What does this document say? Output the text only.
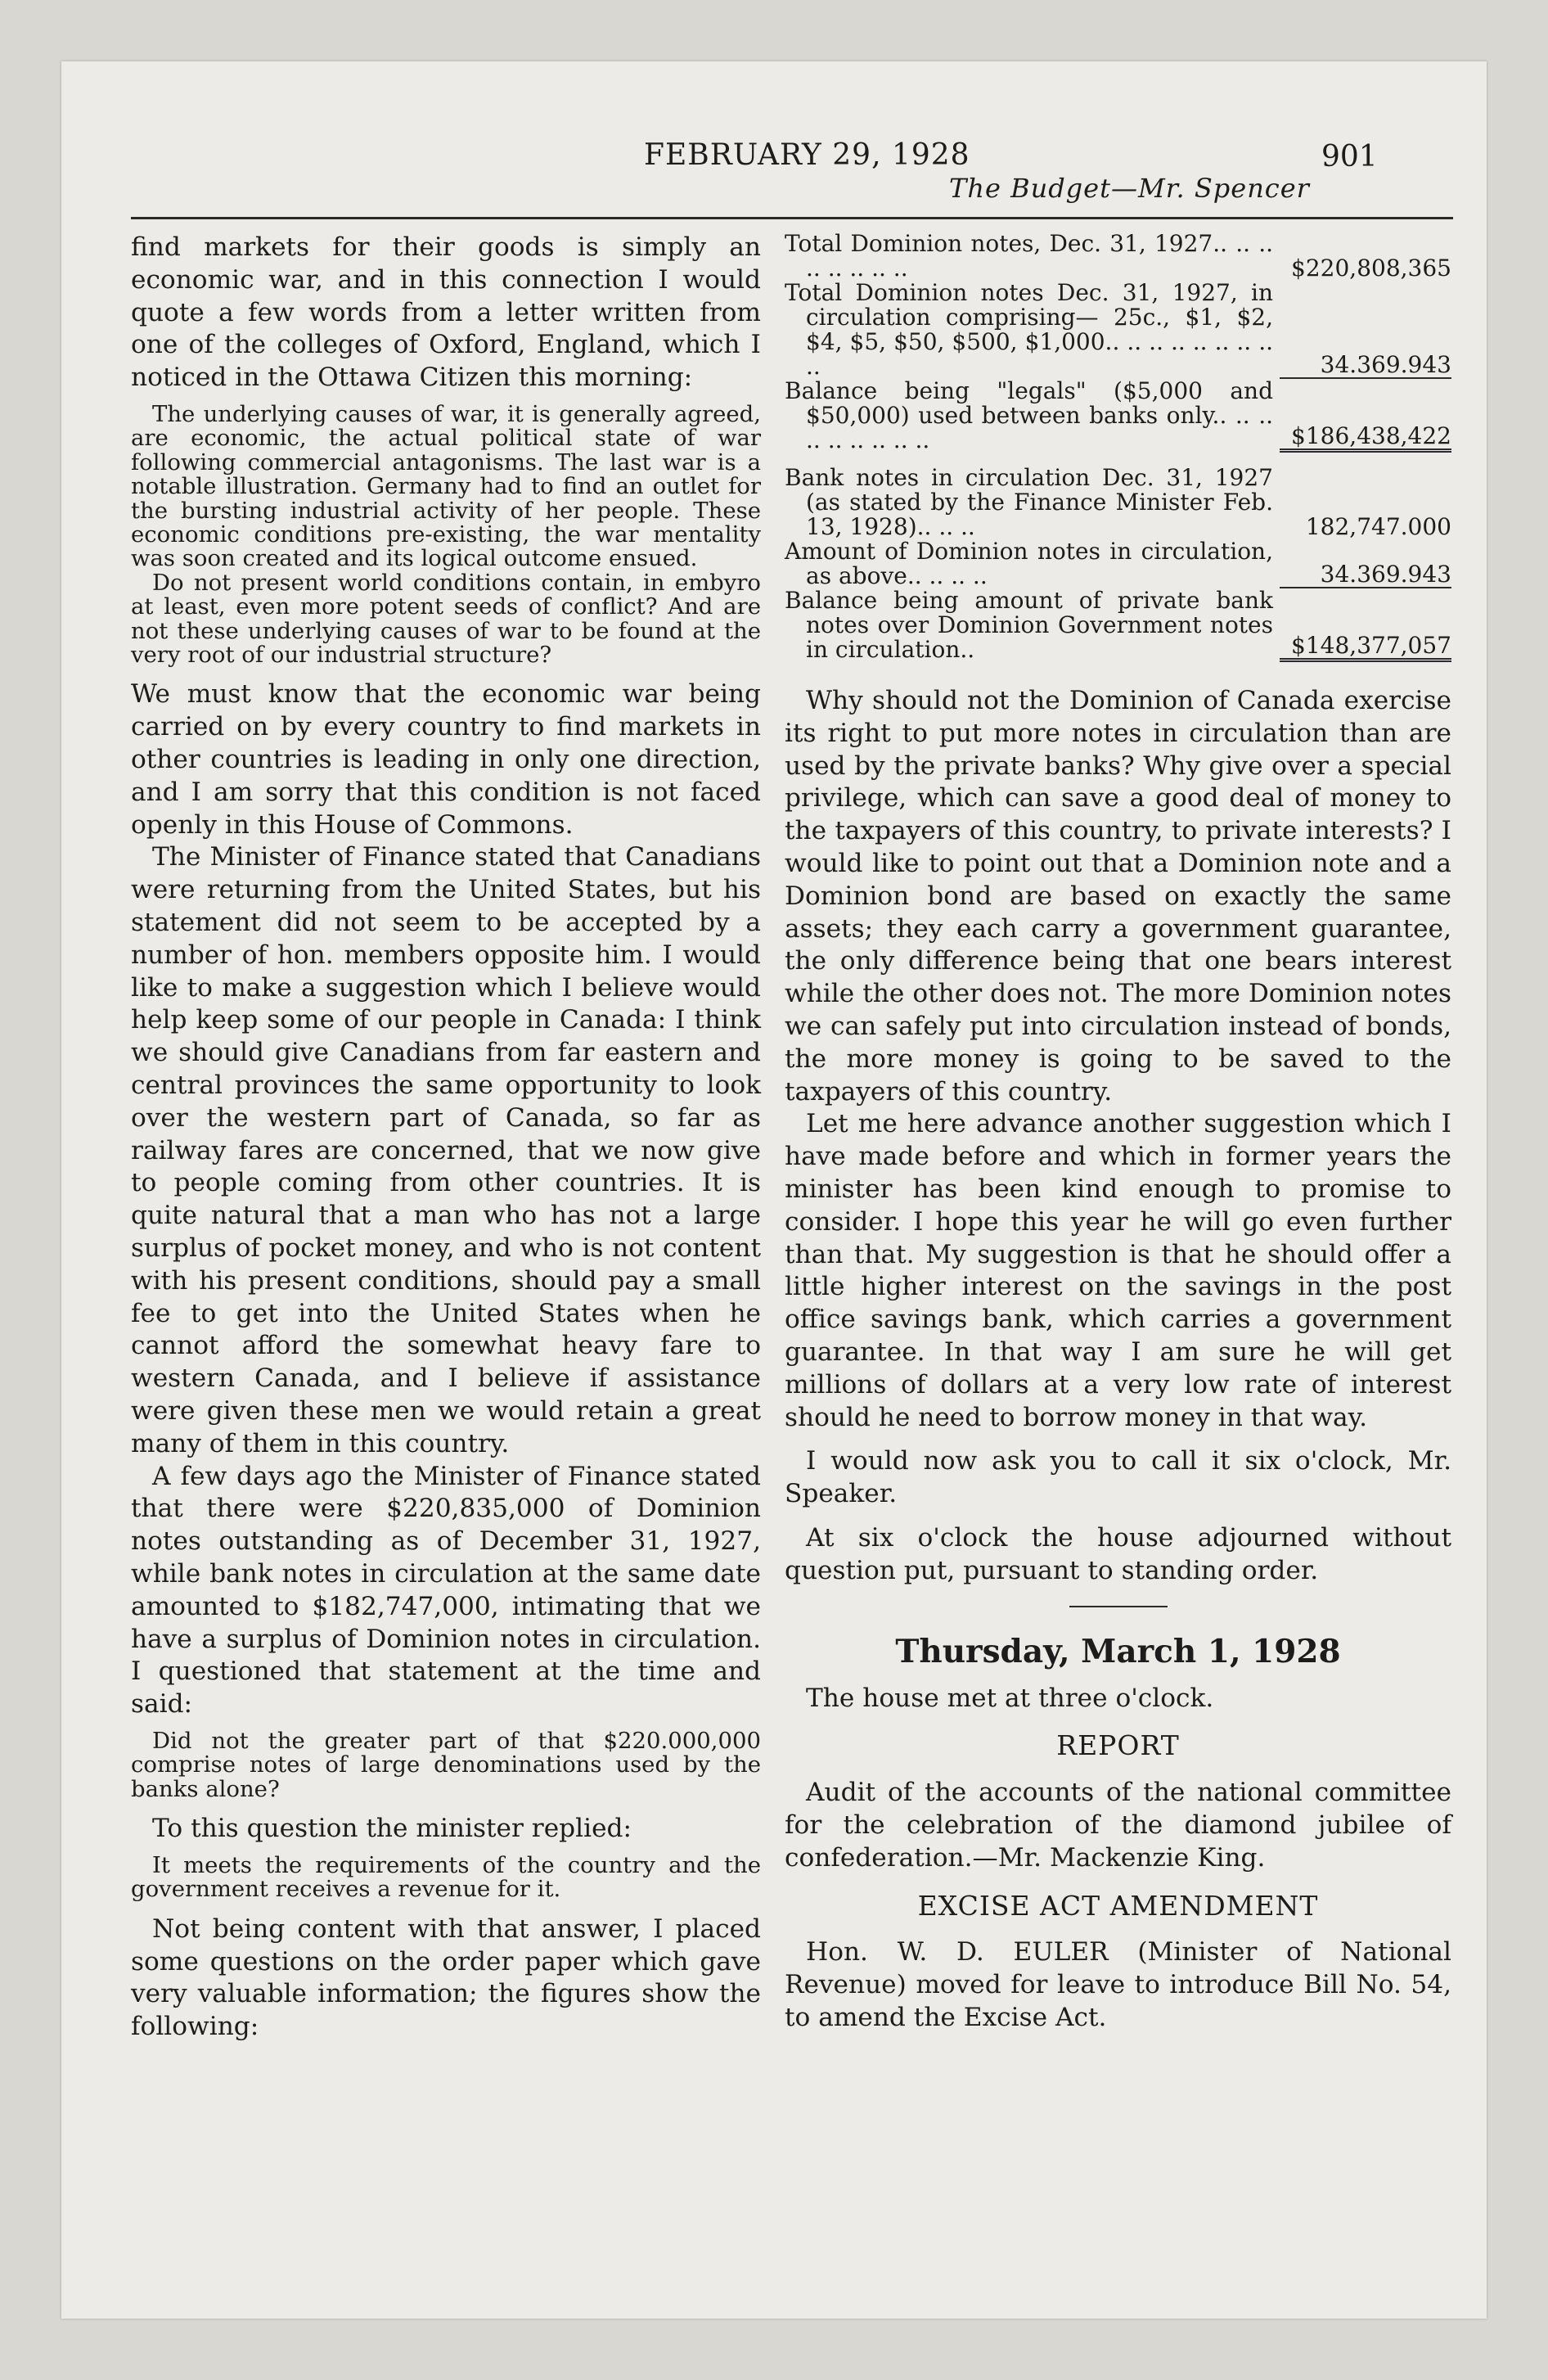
FEBRUARY 29, 1928	901
The Budget—Mr. Spencer

find markets for their goods is simply an economic war, and in this connection I would quote a few words from a letter written from one of the colleges of Oxford, England, which I noticed in the Ottawa Citizen this morning:

The underlying causes of war, it is generally agreed, are economic, the actual political state of war following commercial antagonisms. The last war is a notable illustration. Germany had to find an outlet for the bursting industrial activity of her people. These economic conditions pre-existing, the war mentality was soon created and its logical outcome ensued.

Do not present world conditions contain, in embyro at least, even more potent seeds of conflict? And are not these underlying causes of war to be found at the very root of our industrial structure?

We must know that the economic war being carried on by every country to find markets in other countries is leading in only one direction, and I am sorry that this condition is not faced openly in this House of Commons.

The Minister of Finance stated that Canadians were returning from the United States, but his statement did not seem to be accepted by a number of hon. members opposite him. I would like to make a suggestion which I believe would help keep some of our people in Canada: I think we should give Canadians from far eastern and central provinces the same opportunity to look over the western part of Canada, so far as railway fares are concerned, that we now give to people coming from other countries. It is quite natural that a man who has not a large surplus of pocket money, and who is not content with his present conditions, should pay a small fee to get into the United States when he cannot afford the somewhat heavy fare to western Canada, and I believe if assistance were given these men we would retain a great many of them in this country.

A few days ago the Minister of Finance stated that there were $220,835,000 of Dominion notes outstanding as of December 31, 1927, while bank notes in circulation at the same date amounted to $182,747,000, intimating that we have a surplus of Dominion notes in circulation. I questioned that statement at the time and said:

Did not the greater part of that $220.000,000 comprise notes of large denominations used by the banks alone?

To this question the minister replied:

It meets the requirements of the country and the government receives a revenue for it.

Not being content with that answer, I placed some questions on the order paper which gave very valuable information; the figures show the following:

Total Dominion notes, Dec. 31, 1927.. .. .. .. .. .. .. ..	$220,808,365
Total Dominion notes Dec. 31, 1927, in circulation comprising— 25c., $1, $2, $4, $5, $50, $500, $1,000.. .. .. .. .. .. .. .. ..	34.369.943
Balance being "legals" ($5,000 and $50,000) used between banks only.. .. .. .. .. .. .. .. ..	$186,438,422
Bank notes in circulation Dec. 31, 1927 (as stated by the Finance Minister Feb. 13, 1928).. .. ..	182,747.000
Amount of Dominion notes in circulation, as above.. .. .. ..	34.369.943
Balance being amount of private bank notes over Dominion Government notes in circulation..	$148,377,057

Why should not the Dominion of Canada exercise its right to put more notes in circulation than are used by the private banks? Why give over a special privilege, which can save a good deal of money to the taxpayers of this country, to private interests? I would like to point out that a Dominion note and a Dominion bond are based on exactly the same assets; they each carry a government guarantee, the only difference being that one bears interest while the other does not. The more Dominion notes we can safely put into circulation instead of bonds, the more money is going to be saved to the taxpayers of this country.

Let me here advance another suggestion which I have made before and which in former years the minister has been kind enough to promise to consider. I hope this year he will go even further than that. My suggestion is that he should offer a little higher interest on the savings in the post office savings bank, which carries a government guarantee. In that way I am sure he will get millions of dollars at a very low rate of interest should he need to borrow money in that way.

I would now ask you to call it six o'clock, Mr. Speaker.

At six o'clock the house adjourned without question put, pursuant to standing order.

Thursday, March 1, 1928

The house met at three o'clock.

REPORT

Audit of the accounts of the national committee for the celebration of the diamond jubilee of confederation.—Mr. Mackenzie King.

EXCISE ACT AMENDMENT

Hon. W. D. EULER (Minister of National Revenue) moved for leave to introduce Bill No. 54, to amend the Excise Act.
